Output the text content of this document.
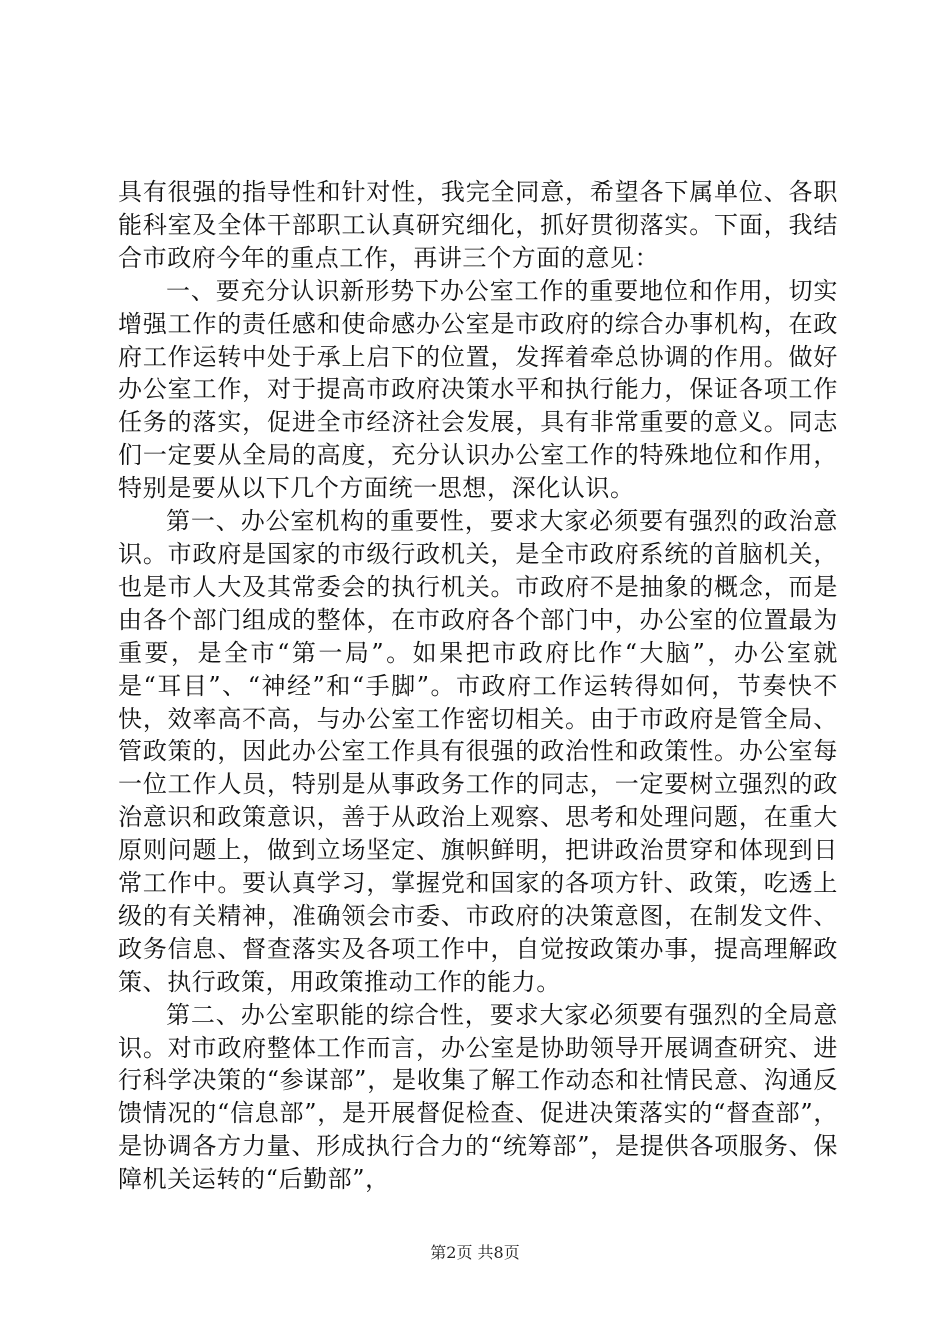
具有很强的指导性和针对性，我完全同意，希望各下属单位、各职能科室及全体干部职工认真研究细化，抓好贯彻落实。下面，我结合市政府今年的重点工作，再讲三个方面的意见：

一、要充分认识新形势下办公室工作的重要地位和作用，切实增强工作的责任感和使命感办公室是市政府的综合办事机构，在政府工作运转中处于承上启下的位置，发挥着牵总协调的作用。做好办公室工作，对于提高市政府决策水平和执行能力，保证各项工作任务的落实，促进全市经济社会发展，具有非常重要的意义。同志们一定要从全局的高度，充分认识办公室工作的特殊地位和作用，特别是要从以下几个方面统一思想，深化认识。

第一、办公室机构的重要性，要求大家必须要有强烈的政治意识。市政府是国家的市级行政机关，是全市政府系统的首脑机关，也是市人大及其常委会的执行机关。市政府不是抽象的概念，而是由各个部门组成的整体，在市政府各个部门中，办公室的位置最为重要，是全市“第一局”。如果把市政府比作“大脑”，办公室就是“耳目”、“神经”和“手脚”。市政府工作运转得如何，节奏快不快，效率高不高，与办公室工作密切相关。由于市政府是管全局、管政策的，因此办公室工作具有很强的政治性和政策性。办公室每一位工作人员，特别是从事政务工作的同志，一定要树立强烈的政治意识和政策意识，善于从政治上观察、思考和处理问题，在重大原则问题上，做到立场坚定、旗帜鲜明，把讲政治贯穿和体现到日常工作中。要认真学习，掌握党和国家的各项方针、政策，吃透上级的有关精神，准确领会市委、市政府的决策意图，在制发文件、政务信息、督查落实及各项工作中，自觉按政策办事，提高理解政策、执行政策，用政策推动工作的能力。

第二、办公室职能的综合性，要求大家必须要有强烈的全局意识。对市政府整体工作而言，办公室是协助领导开展调查研究、进行科学决策的“参谋部”，是收集了解工作动态和社情民意、沟通反馈情况的“信息部”，是开展督促检查、促进决策落实的“督查部”，是协调各方力量、形成执行合力的“统筹部”，是提供各项服务、保障机关运转的“后勤部”，

第2页 共8页
